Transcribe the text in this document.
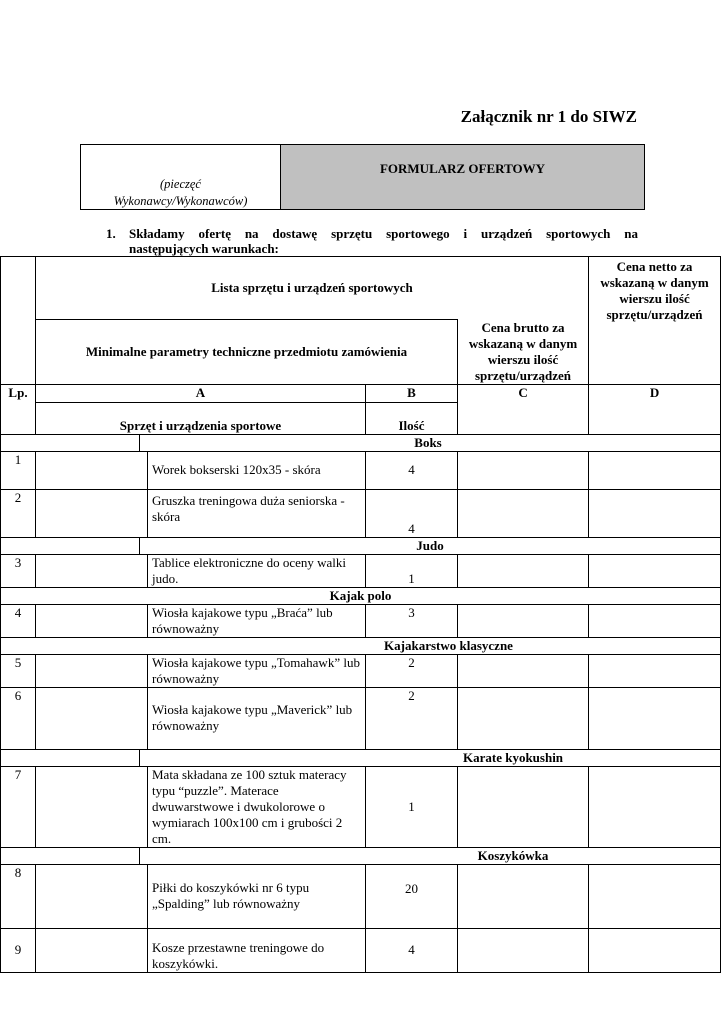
Załącznik nr 1 do SIWZ
(pieczęć
Wykonawcy/Wykonawców)
FORMULARZ OFERTOWY
1.	Składamy ofertę na dostawę sprzętu sportowego i urządzeń sportowych na
następujących warunkach:
	Lista sprzętu i urządzeń sportowych					Cena netto za wskazaną w danym wierszu ilość sprzętu/urządzeń
	Minimalne parametry techniczne przedmiotu zamówienia				Cena brutto za wskazaną w danym wierszu ilość sprzętu/urządzeń	
Lp.	A			B	C	D
	Sprzęt i urządzenia sportowe			Ilość		
		Boks				
1			Worek bokserski 120x35 - skóra	4		
2			Gruszka treningowa duża seniorska - skóra	4		
		Judo				
3			Tablice elektroniczne do oceny walki judo.	1		
Kajak polo						
4			Wiosła kajakowe typu „Braća” lub równoważny	3		
Kajakarstwo klasyczne						
5			Wiosła kajakowe typu „Tomahawk” lub równoważny	2		
6			Wiosła kajakowe typu „Maverick” lub równoważny	2		
		Karate kyokushin				
7			Mata składana ze 100 sztuk materacy typu “puzzle”. Materace dwuwarstwowe i dwukolorowe o wymiarach 100x100 cm i grubości 2 cm.	1		
		Koszykówka				
8			Piłki do koszykówki nr 6 typu „Spalding” lub równoważny	20		
9			Kosze przestawne treningowe do koszykówki.	4		
